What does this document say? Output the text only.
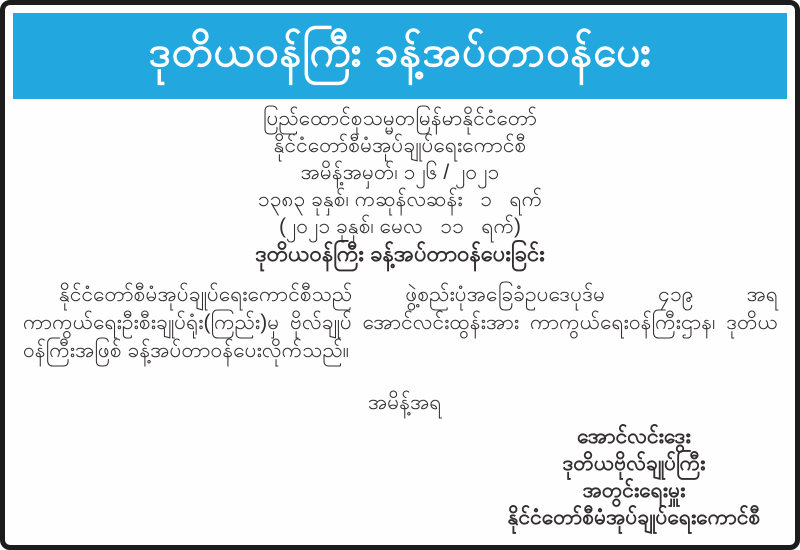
ဒုတိယဝန်ကြီး ခန့်အပ်တာဝန်ပေး
ပြည်ထောင်စုသမ္မတမြန်မာနိုင်ငံတော်
နိုင်ငံတော်စီမံအုပ်ချုပ်ရေးကောင်စီ
အမိန့်အမှတ်၊ ၁၂၆ / ၂၀၂၁
၁၃၈၃ ခုနှစ်၊ ကဆုန်လဆန်း   ၁   ရက်
(၂၀၂၁ ခုနှစ်၊ မေလ   ၁၁   ရက်)
ဒုတိယဝန်ကြီး ခန့်အပ်တာဝန်ပေးခြင်း
နိုင်ငံတော်စီမံအုပ်ချုပ်ရေးကောင်စီသည် ဖွဲ့စည်းပုံအခြေခံဥပဒေပုဒ်မ ၄၁၉ အရ ကာကွယ်ရေးဦးစီးချုပ်ရုံး(ကြည်း)မှ ဗိုလ်ချုပ် အောင်လင်းထွန်းအား ကာကွယ်ရေးဝန်ကြီးဌာန၊ ဒုတိယဝန်ကြီးအဖြစ် ခန့်အပ်တာဝန်ပေးလိုက်သည်။
အမိန့်အရ
အောင်လင်းဒွေး
ဒုတိယဗိုလ်ချုပ်ကြီး
အတွင်းရေးမှူး
နိုင်ငံတော်စီမံအုပ်ချုပ်ရေးကောင်စီ
